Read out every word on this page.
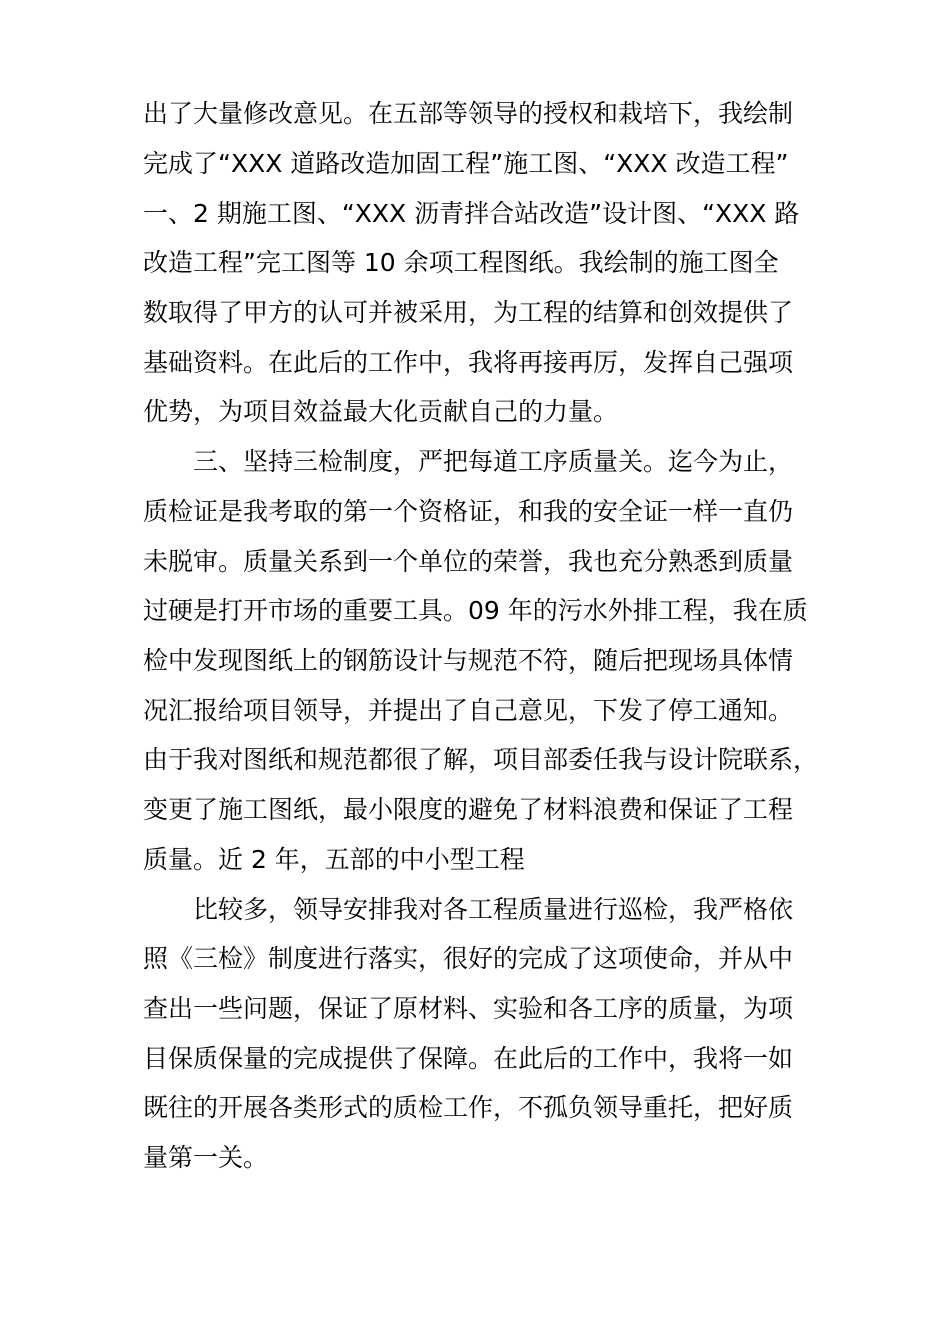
出了大量修改意见。在五部等领导的授权和栽培下，我绘制
完成了“XXX 道路改造加固工程”施工图、“XXX 改造工程”
一、2 期施工图、“XXX 沥青拌合站改造”设计图、“XXX 路
改造工程”完工图等 10 余项工程图纸。我绘制的施工图全
数取得了甲方的认可并被采用，为工程的结算和创效提供了
基础资料。在此后的工作中，我将再接再厉，发挥自己强项
优势，为项目效益最大化贡献自己的力量。
三、坚持三检制度，严把每道工序质量关。迄今为止，
质检证是我考取的第一个资格证，和我的安全证一样一直仍
未脱审。质量关系到一个单位的荣誉，我也充分熟悉到质量
过硬是打开市场的重要工具。09 年的污水外排工程，我在质
检中发现图纸上的钢筋设计与规范不符，随后把现场具体情
况汇报给项目领导，并提出了自己意见，下发了停工通知。
由于我对图纸和规范都很了解，项目部委任我与设计院联系，
变更了施工图纸，最小限度的避免了材料浪费和保证了工程
质量。近 2 年，五部的中小型工程
比较多，领导安排我对各工程质量进行巡检，我严格依
照《三检》制度进行落实，很好的完成了这项使命，并从中
查出一些问题，保证了原材料、实验和各工序的质量，为项
目保质保量的完成提供了保障。在此后的工作中，我将一如
既往的开展各类形式的质检工作，不孤负领导重托，把好质
量第一关。
